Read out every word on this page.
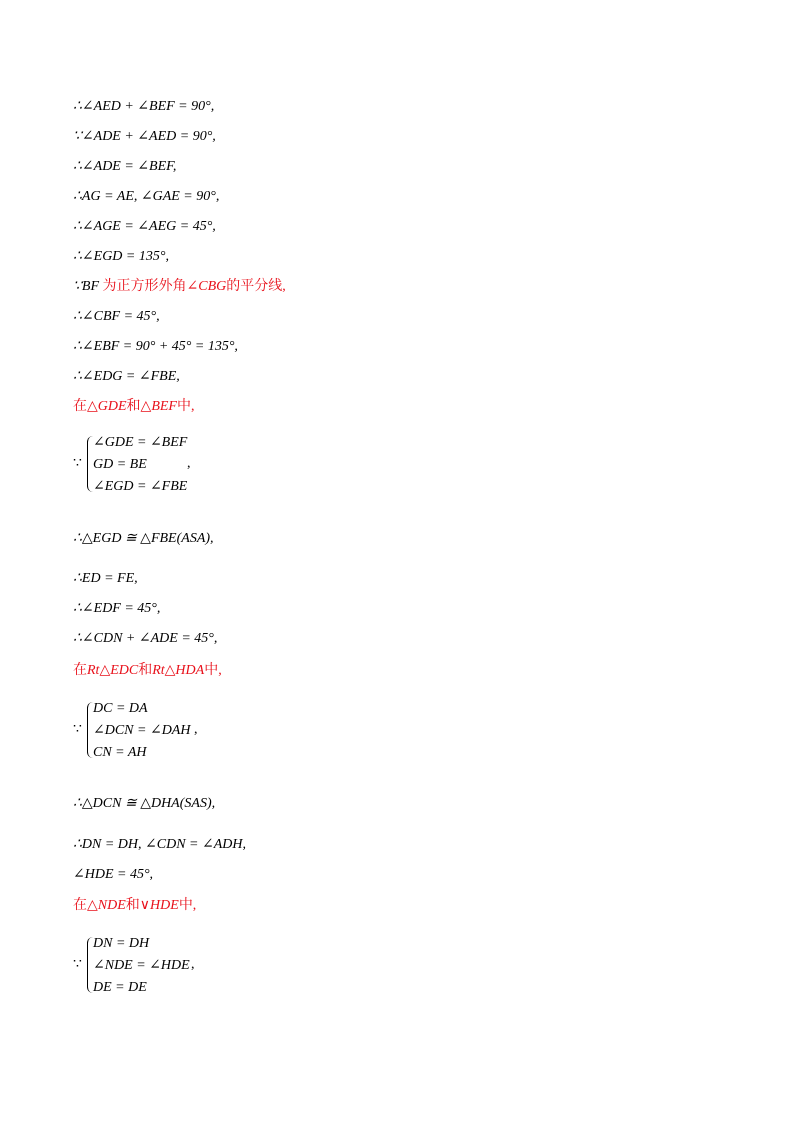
∴∠AED + ∠BEF = 90°,
∵∠ADE + ∠AED = 90°,
∴∠ADE = ∠BEF,
∴AG = AE, ∠GAE = 90°,
∴∠AGE = ∠AEG = 45°,
∴∠EGD = 135°,
∵BF 为正方形外角∠CBG的平分线,
∴∠CBF = 45°,
∴∠EBF = 90° + 45° = 135°,
∴∠EDG = ∠FBE,
在△GDE和△BEF中,
∵
∠GDE = ∠BEF
GD = BE
∠EGD = ∠FBE
,
∴△EGD ≅ △FBE(ASA),
∴ED = FE,
∴∠EDF = 45°,
∴∠CDN + ∠ADE = 45°,
在Rt△EDC和Rt△HDA中,
∵
DC = DA
∠DCN = ∠DAH
CN = AH
,
∴△DCN ≅ △DHA(SAS),
∴DN = DH, ∠CDN = ∠ADH,
∠HDE = 45°,
在△NDE和∨HDE中,
∵
DN = DH
∠NDE = ∠HDE
DE = DE
,
